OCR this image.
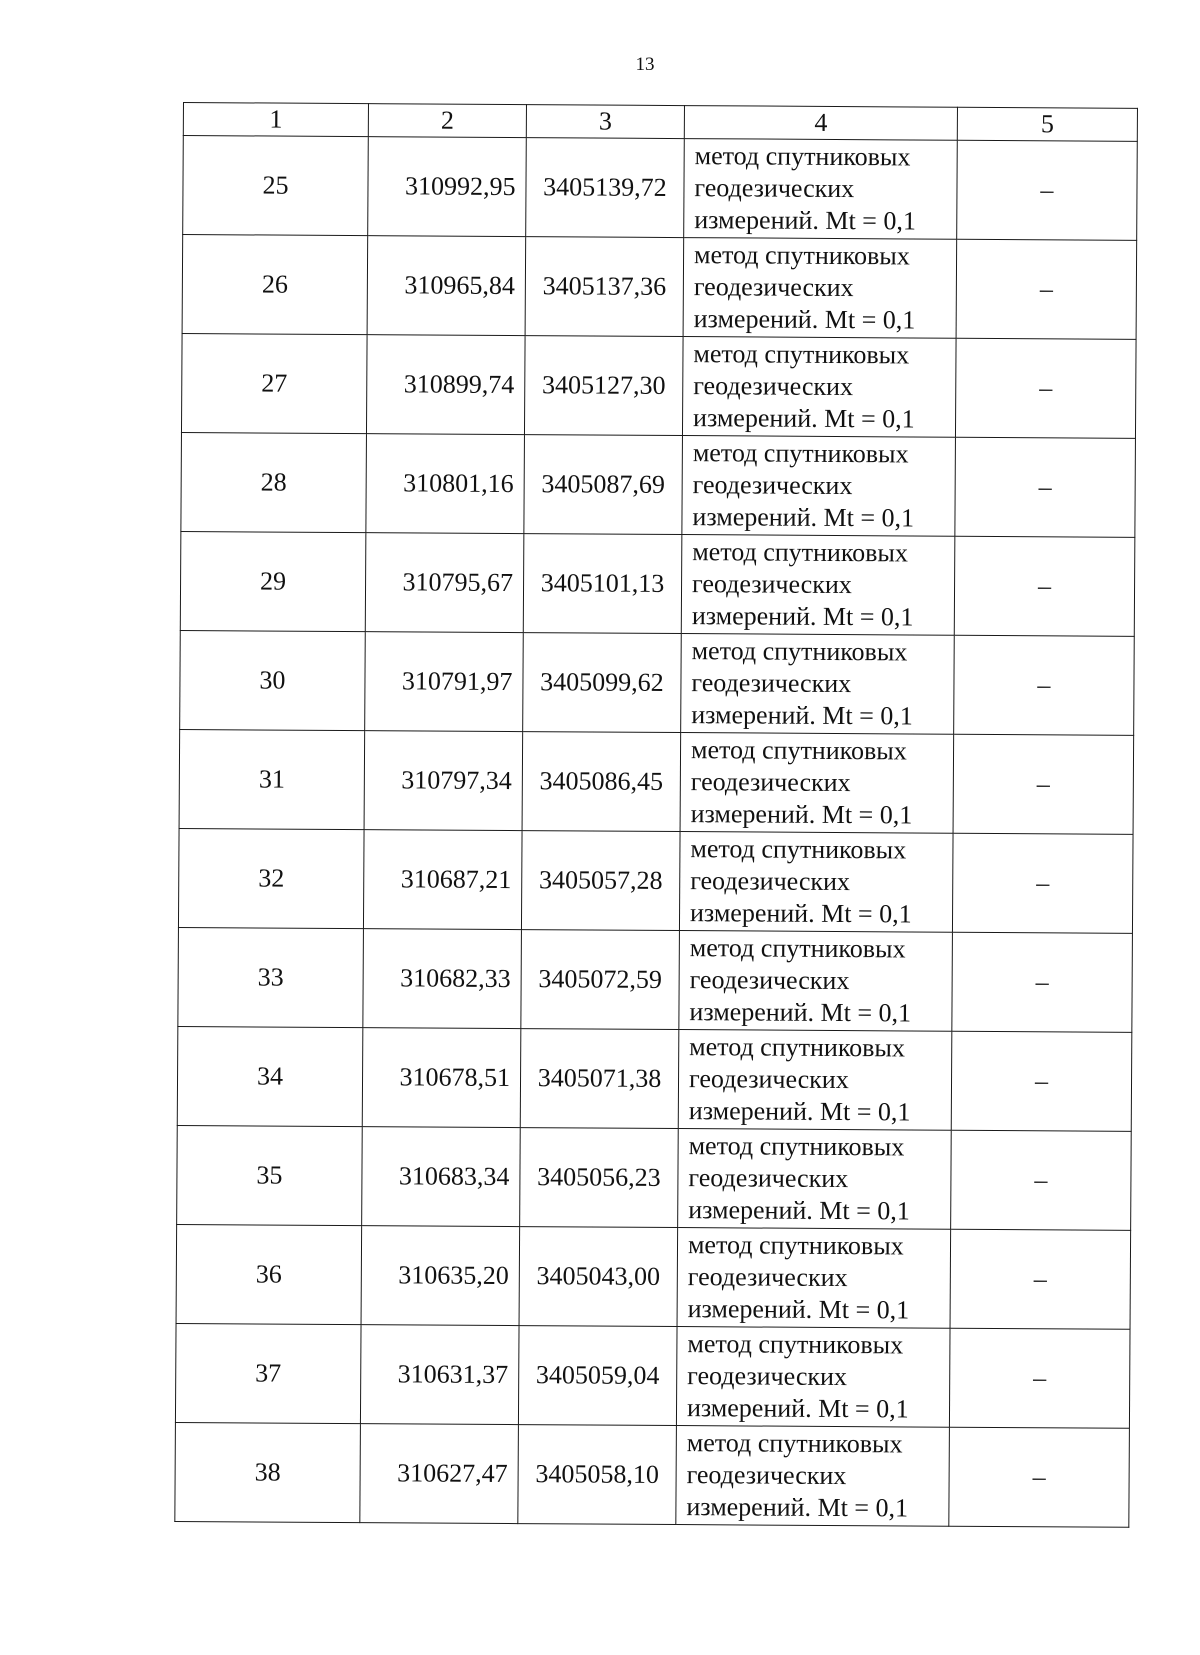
13
1	2	3	4	5
25	310992,95	3405139,72	метод спутниковых
геодезических
измерений. Mt = 0,1	–
26	310965,84	3405137,36	метод спутниковых
геодезических
измерений. Mt = 0,1	–
27	310899,74	3405127,30	метод спутниковых
геодезических
измерений. Mt = 0,1	–
28	310801,16	3405087,69	метод спутниковых
геодезических
измерений. Mt = 0,1	–
29	310795,67	3405101,13	метод спутниковых
геодезических
измерений. Mt = 0,1	–
30	310791,97	3405099,62	метод спутниковых
геодезических
измерений. Mt = 0,1	–
31	310797,34	3405086,45	метод спутниковых
геодезических
измерений. Mt = 0,1	–
32	310687,21	3405057,28	метод спутниковых
геодезических
измерений. Mt = 0,1	–
33	310682,33	3405072,59	метод спутниковых
геодезических
измерений. Mt = 0,1	–
34	310678,51	3405071,38	метод спутниковых
геодезических
измерений. Mt = 0,1	–
35	310683,34	3405056,23	метод спутниковых
геодезических
измерений. Mt = 0,1	–
36	310635,20	3405043,00	метод спутниковых
геодезических
измерений. Mt = 0,1	–
37	310631,37	3405059,04	метод спутниковых
геодезических
измерений. Mt = 0,1	–
38	310627,47	3405058,10	метод спутниковых
геодезических
измерений. Mt = 0,1	–
